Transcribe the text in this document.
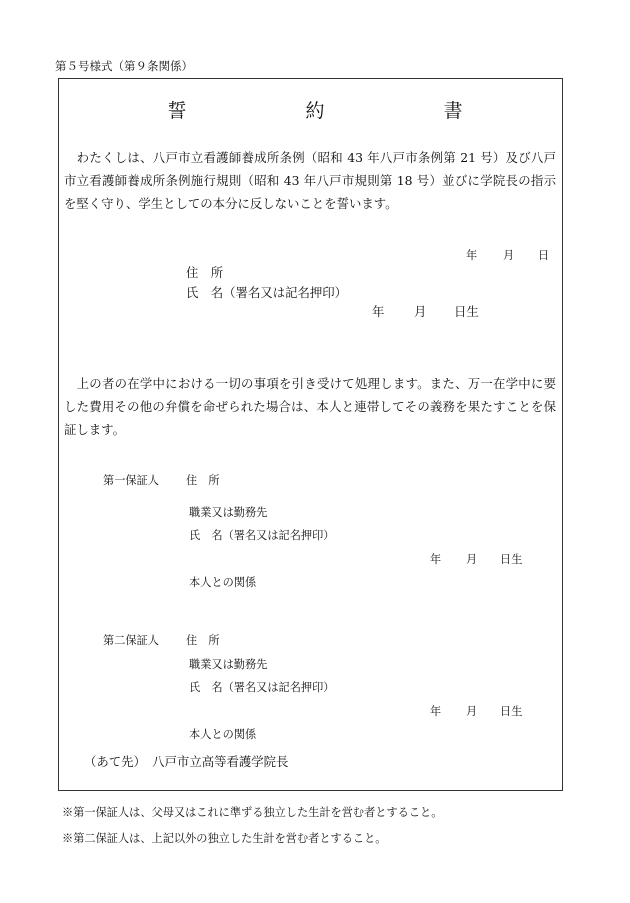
第５号様式（第９条関係）
誓　約　書
　わたくしは、八戸市立看護師養成所条例（昭和 43 年八戸市条例第 21 号）及び八戸市立看護師養成所条例施行規則（昭和 43 年八戸市規則第 18 号）並びに学院長の指示を堅く守り、学生としての本分に反しないことを誓います。
年 月 日
住　所
氏　名（署名又は記名押印）
年 月 日生
　上の者の在学中における一切の事項を引き受けて処理します。また、万一在学中に要した費用その他の弁償を命ぜられた場合は、本人と連帯してその義務を果たすことを保証します。
第一保証人 住　所
職業又は勤務先
氏　名（署名又は記名押印）
年 月 日生
本人との関係
第二保証人 住　所
職業又は勤務先
氏　名（署名又は記名押印）
年 月 日生
本人との関係
（あて先）　八戸市立高等看護学院長
※第一保証人は、父母又はこれに準ずる独立した生計を営む者とすること。
※第二保証人は、上記以外の独立した生計を営む者とすること。
